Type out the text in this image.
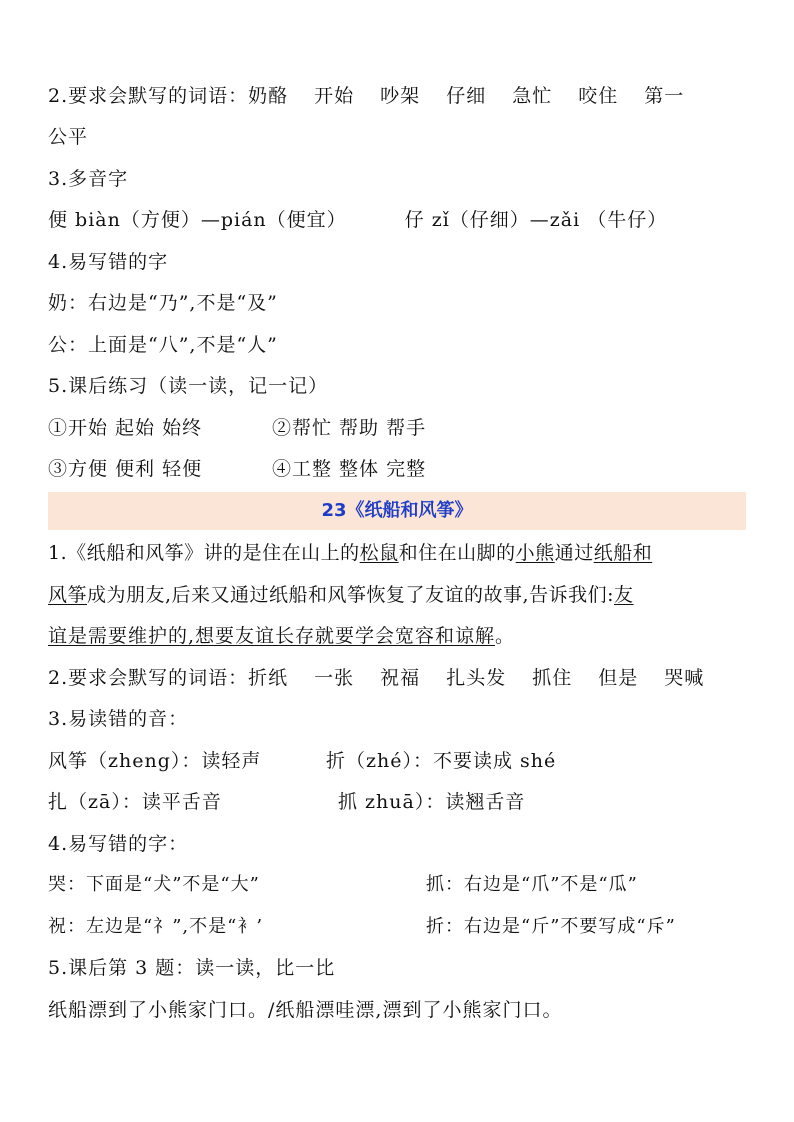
2.要求会默写的词语：奶酪 开始 吵架 仔细 急忙 咬住 第一
公平
3.多音字
便 biàn（方便）—pián（便宜）	仔 zǐ（仔细）—zǎi （牛仔）
4.易写错的字
奶：右边是“乃”,不是“及”
公：上面是“八”,不是“人”
5.课后练习（读一读，记一记）
①开始 起始 始终	②帮忙 帮助 帮手
③方便 便利 轻便	④工整 整体 完整
23《纸船和风筝》
1.《纸船和风筝》讲的是住在山上的松鼠和住在山脚的小熊通过纸船和
风筝成为朋友,后来又通过纸船和风筝恢复了友谊的故事,告诉我们:友
谊是需要维护的,想要友谊长存就要学会宽容和谅解。
2.要求会默写的词语：折纸 一张 祝福 扎头发 抓住 但是 哭喊
3.易读错的音：
风筝（zheng）：读轻声	折（zhé）：不要读成 shé
扎（zā）：读平舌音	抓 zhuā）：读翘舌音
4.易写错的字：
哭：下面是“犬”不是“大”	抓：右边是“爪”不是“瓜”
祝：左边是“礻”,不是“衤’	折：右边是“斤”不要写成“斥”
5.课后第 3 题：读一读，比一比
纸船漂到了小熊家门口。/纸船漂哇漂,漂到了小熊家门口。
